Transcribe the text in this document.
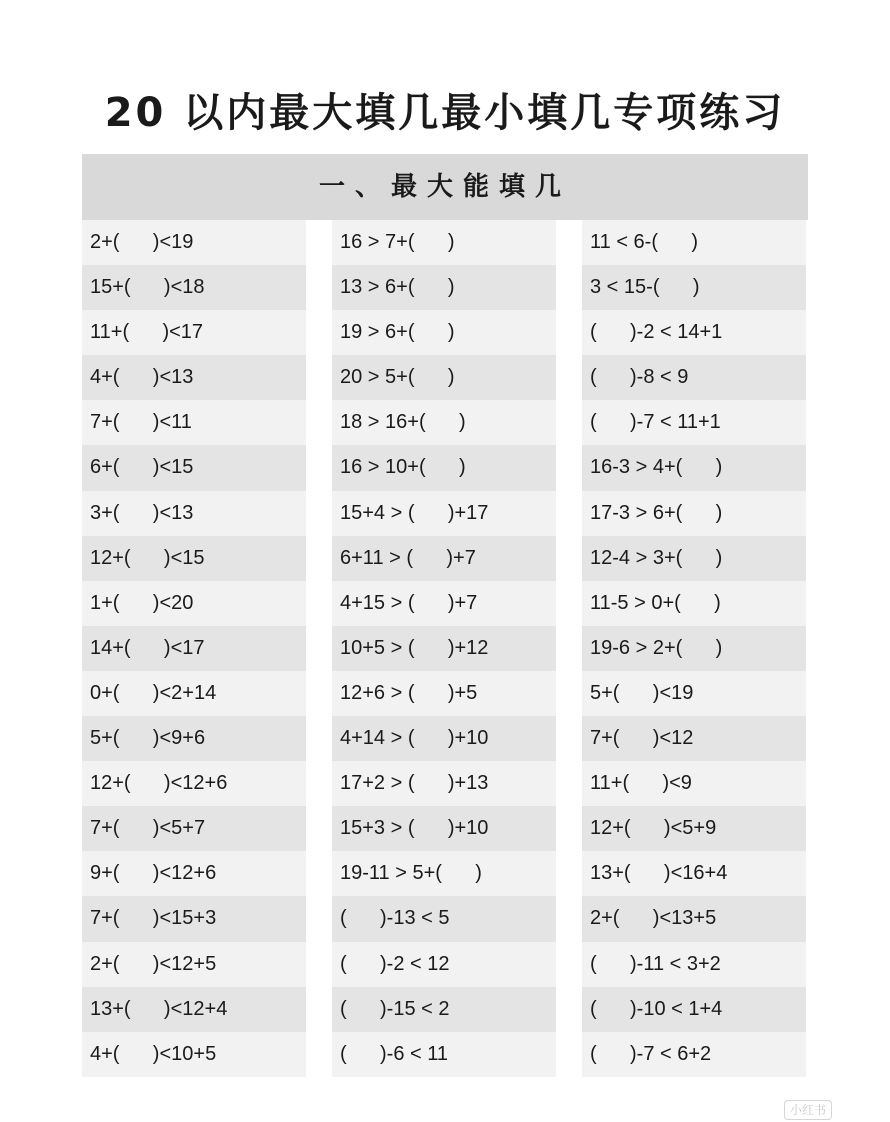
20 以内最大填几最小填几专项练习
一、最大能填几
2+(      )<19
15+(      )<18
11+(      )<17
4+(      )<13
7+(      )<11
6+(      )<15
3+(      )<13
12+(      )<15
1+(      )<20
14+(      )<17
0+(      )<2+14
5+(      )<9+6
12+(      )<12+6
7+(      )<5+7
9+(      )<12+6
7+(      )<15+3
2+(      )<12+5
13+(      )<12+4
4+(      )<10+5
16 > 7+(      )
13 > 6+(      )
19 > 6+(      )
20 > 5+(      )
18 > 16+(      )
16 > 10+(      )
15+4 > (      )+17
6+11 > (      )+7
4+15 > (      )+7
10+5 > (      )+12
12+6 > (      )+5
4+14 > (      )+10
17+2 > (      )+13
15+3 > (      )+10
19-11 > 5+(      )
(      )-13 < 5
(      )-2 < 12
(      )-15 < 2
(      )-6 < 11
11 < 6-(      )
3 < 15-(      )
(      )-2 < 14+1
(      )-8 < 9
(      )-7 < 11+1
16-3 > 4+(      )
17-3 > 6+(      )
12-4 > 3+(      )
11-5 > 0+(      )
19-6 > 2+(      )
5+(      )<19
7+(      )<12
11+(      )<9
12+(      )<5+9
13+(      )<16+4
2+(      )<13+5
(      )-11 < 3+2
(      )-10 < 1+4
(      )-7 < 6+2
小红书
